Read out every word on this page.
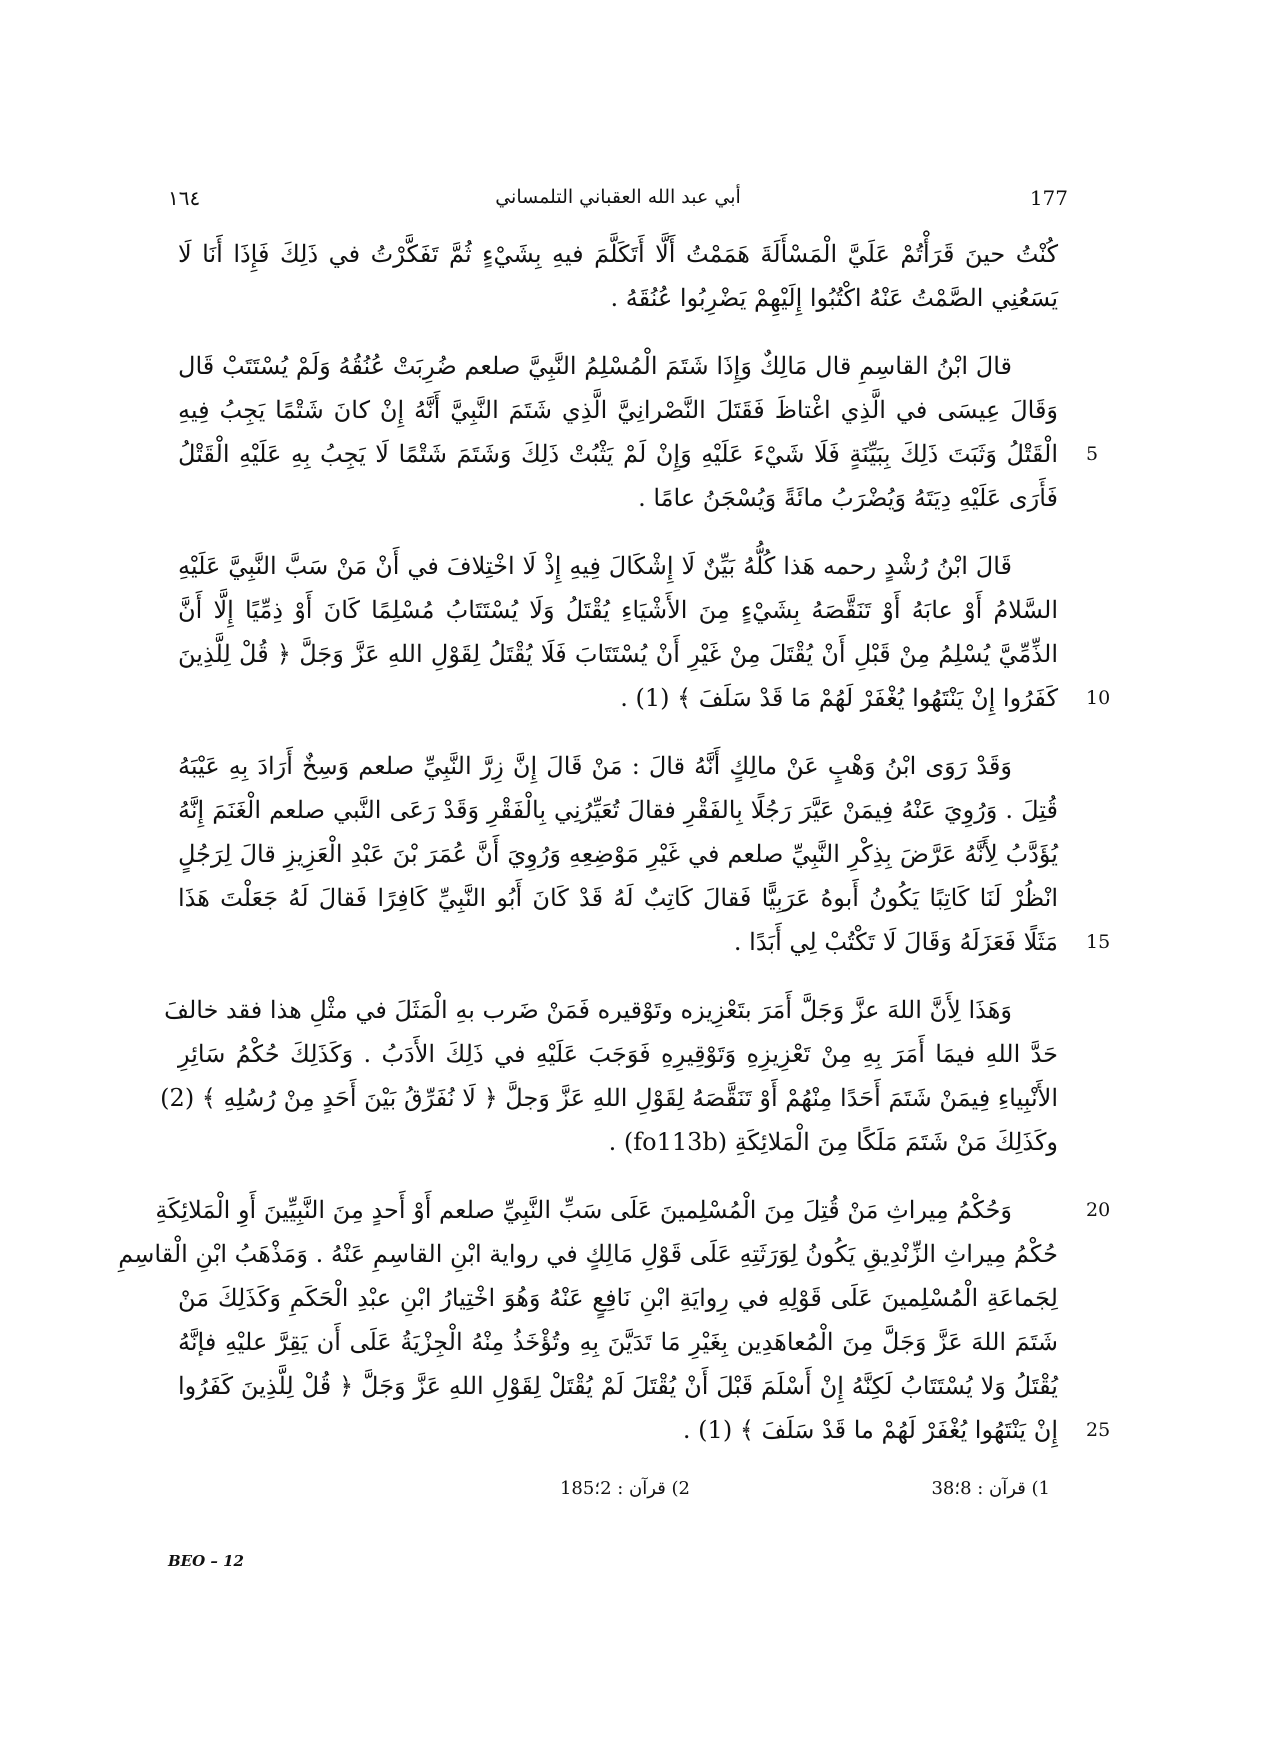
١٦٤	أبي عبد الله العقباني التلمساني	177
كُنْتُ حينَ قَرَأْتُمْ عَلَيَّ الْمَسْأَلَةَ هَمَمْتُ أَلَّا أَتَكَلَّمَ فيهِ بِشَيْءٍ ثُمَّ تَفَكَّرْتُ في ذَلِكَ فَإِذَا أَنَا لَا
يَسَعُنِي الصَّمْتُ عَنْهُ اكْتُبُوا إِلَيْهِمْ يَضْرِبُوا عُنُقَهُ .
قالَ ابْنُ القاسِمِ قال مَالِكٌ وَإِذَا شَتَمَ الْمُسْلِمُ النَّبِيَّ صلعم ضُرِبَتْ عُنُقُهُ وَلَمْ يُسْتَتَبْ قَال
وَقَالَ عِيسَى في الَّذِي اغْتاظَ فَقَتَلَ النَّصْرانِيَّ الَّذِي شَتَمَ النَّبِيَّ أَنَّهُ إِنْ كانَ شَتْمًا يَجِبُ فِيهِ
الْقَتْلُ وَثَبَتَ ذَلِكَ بِبَيِّنَةٍ فَلَا شَيْءَ عَلَيْهِ وَإِنْ لَمْ يَثْبُتْ ذَلِكَ وَشَتَمَ شَتْمًا لَا يَجِبُ بِهِ عَلَيْهِ الْقَتْلُ 5
فَأَرَى عَلَيْهِ دِيَتَهُ وَيُضْرَبُ مائَةً وَيُسْجَنُ عامًا .
قَالَ ابْنُ رُشْدٍ رحمه هَذا كُلُّهُ بَيِّنٌ لَا إِشْكَالَ فِيهِ إِذْ لَا اخْتِلافَ في أَنْ مَنْ سَبَّ النَّبِيَّ عَلَيْهِ
السَّلامُ أَوْ عابَهُ أَوْ تَنَقَّصَهُ بِشَيْءٍ مِنَ الأَشْيَاءِ يُقْتَلُ وَلَا يُسْتَتَابُ مُسْلِمًا كَانَ أَوْ ذِمِّيًا إِلَّا أَنَّ
الذِّمِّيَّ يُسْلِمُ مِنْ قَبْلِ أَنْ يُقْتَلَ مِنْ غَيْرِ أَنْ يُسْتَتَابَ فَلَا يُقْتَلُ لِقَوْلِ اللهِ عَزَّ وَجَلَّ ﴿ قُلْ لِلَّذِينَ
كَفَرُوا إِنْ يَنْتَهُوا يُغْفَرْ لَهُمْ مَا قَدْ سَلَفَ ﴾ (1) . 10
وَقَدْ رَوَى ابْنُ وَهْبٍ عَنْ مالِكٍ أَنَّهُ قالَ : مَنْ قَالَ إِنَّ زِرَّ النَّبِيِّ صلعم وَسِخٌ أَرَادَ بِهِ عَيْبَهُ
قُتِلَ . وَرُوِيَ عَنْهُ فِيمَنْ عَيَّرَ رَجُلًا بِالفَقْرِ فقالَ تُعَيِّرُنِي بِالْفَقْرِ وَقَدْ رَعَى النَّبي صلعم الْغَنَمَ إِنَّهُ
يُؤَدَّبُ لِأَنَّهُ عَرَّضَ بِذِكْرِ النَّبِيِّ صلعم في غَيْرِ مَوْضِعِهِ وَرُوِيَ أَنَّ عُمَرَ بْنَ عَبْدِ الْعَزِيزِ قالَ لِرَجُلٍ
انْظُرْ لَنَا كَاتِبًا يَكُونُ أَبوهُ عَرَبِيًّا فَقالَ كَاتِبٌ لَهُ قَدْ كَانَ أَبُو النَّبِيِّ كَافِرًا فَقالَ لَهُ جَعَلْتَ هَذَا
مَثَلًا فَعَزَلَهُ وَقَالَ لَا تَكْتُبْ لِي أَبَدًا . 15
وَهَذَا لِأَنَّ اللهَ عزَّ وَجَلَّ أَمَرَ بتَعْزِيزه وتَوْقيره فَمَنْ ضَرب بهِ الْمَثَلَ في مثْلِ هذا فقد خالفَ
حَدَّ اللهِ فيمَا أَمَرَ بِهِ مِنْ تَعْزِيزِهِ وَتَوْقِيرِهِ فَوَجَبَ عَلَيْهِ في ذَلِكَ الأَدَبُ . وَكَذَلِكَ حُكْمُ سَائِرِ
الأَنْبِياءِ فِيمَنْ شَتَمَ أَحَدًا مِنْهُمْ أَوْ تَنَقَّصَهُ لِقَوْلِ اللهِ عَزَّ وَجلَّ ﴿ لَا نُفَرِّقُ بَيْنَ أَحَدٍ مِنْ رُسُلِهِ ﴾ (2)
وكَذَلِكَ مَنْ شَتَمَ مَلَكًا مِنَ الْمَلائِكَةِ (fo113b) .
وَحُكْمُ مِيراثِ مَنْ قُتِلَ مِنَ الْمُسْلِمينَ عَلَى سَبِّ النَّبِيِّ صلعم أَوْ أَحدٍ مِنَ النَّبِيِّينَ أَوِ الْمَلائِكَةِ	20
حُكْمُ مِيراثِ الزِّنْدِيقِ يَكُونُ لِوَرَثَتِهِ عَلَى قَوْلِ مَالِكٍ في رواية ابْنِ القاسِمِ عَنْهُ . وَمَذْهَبُ ابْنِ الْقاسِمِ
لِجَماعَةِ الْمُسْلِمينَ عَلَى قَوْلِهِ في رِوايَةِ ابْنِ نَافِعٍ عَنْهُ وَهُوَ اخْتِيارُ ابْنِ عبْدِ الْحَكَمِ وَكَذَلِكَ مَنْ
شَتَمَ اللهَ عَزَّ وَجَلَّ مِنَ الْمُعاهَدِين بِغَيْرِ مَا تَدَيَّنَ بِهِ وتُؤْخَذُ مِنْهُ الْجِزْيَةُ عَلَى أَن يَقِرَّ عليْهِ فإنَّهُ
يُقْتَلُ وَلا يُسْتَتَابُ لَكِنَّهُ إِنْ أَسْلَمَ قَبْلَ أَنْ يُقْتَلَ لَمْ يُقْتَلْ لِقَوْلِ اللهِ عَزَّ وَجَلَّ ﴿ قُلْ لِلَّذِينَ كَفَرُوا
إِنْ يَنْتَهُوا يُغْفَرْ لَهُمْ ما قَدْ سَلَفَ ﴾ (1) . 25
1) قرآن : 8؛38
2) قرآن : 2؛185
BEO – 12
